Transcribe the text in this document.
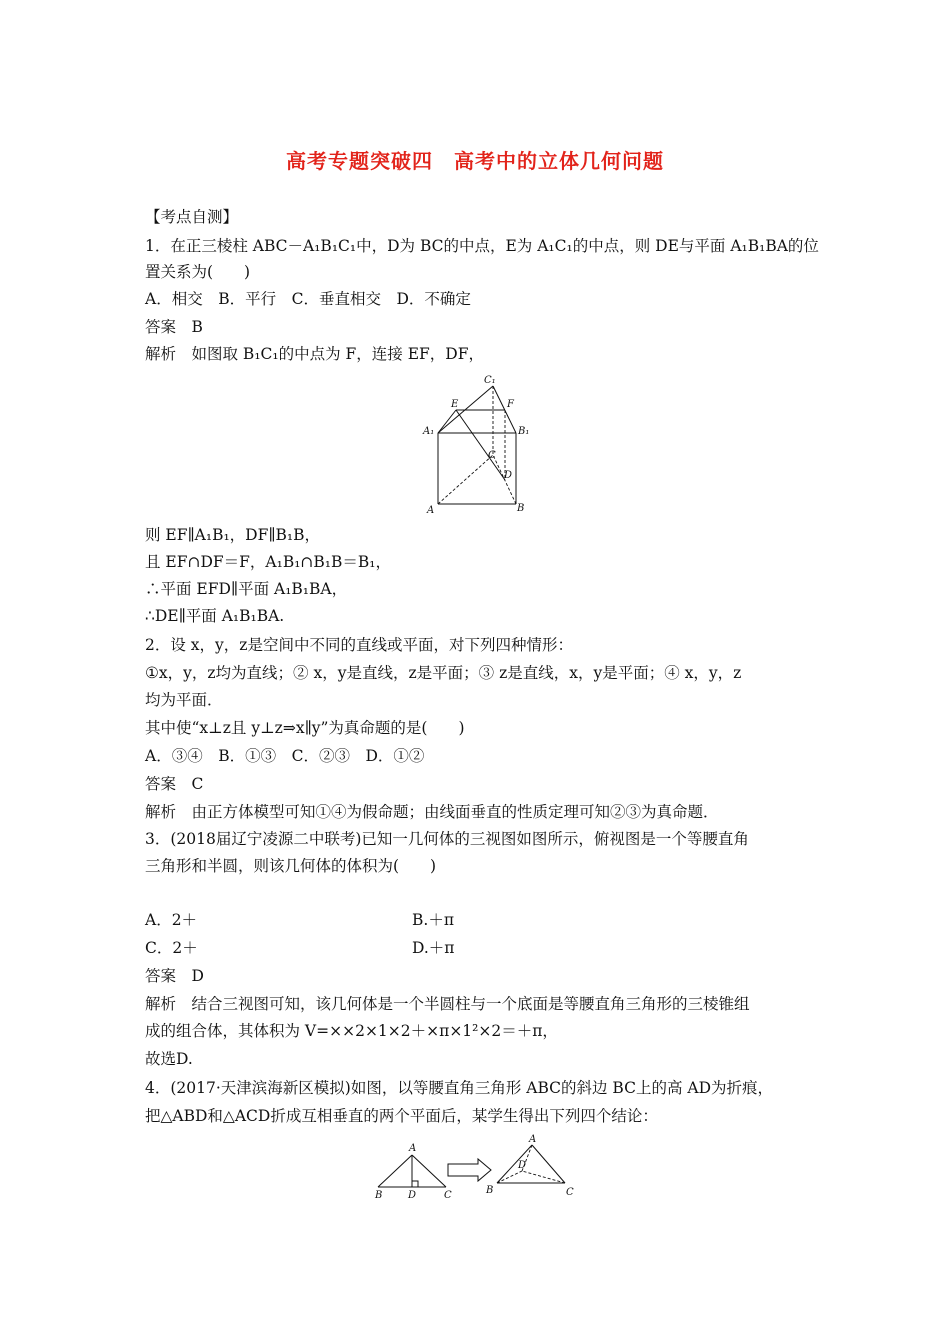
高考专题突破四　高考中的立体几何问题
【考点自测】
1．在正三棱柱 ABC－A₁B₁C₁中，D为 BC的中点，E为 A₁C₁的中点，则 DE与平面 A₁B₁BA的位
置关系为(　　)
A．相交　B．平行　C．垂直相交　D．不确定
答案　B
解析　如图取 B₁C₁的中点为 F，连接 EF，DF，
C₁
E	F
A₁	B₁
C
D
A	B
则 EF∥A₁B₁，DF∥B₁B，
且 EF∩DF＝F，A₁B₁∩B₁B＝B₁，
∴平面 EFD∥平面 A₁B₁BA，
∴DE∥平面 A₁B₁BA.
2．设 x，y，z是空间中不同的直线或平面，对下列四种情形：
①x，y，z均为直线；② x，y是直线，z是平面；③ z是直线，x，y是平面；④ x，y，z
均为平面．
其中使“x⊥z且 y⊥z⇒x∥y”为真命题的是(　　)
A．③④　B．①③　C．②③　D．①②
答案　C
解析　由正方体模型可知①④为假命题；由线面垂直的性质定理可知②③为真命题．
3．(2018届辽宁凌源二中联考)已知一几何体的三视图如图所示，俯视图是一个等腰直角
三角形和半圆，则该几何体的体积为(　　)
A．2＋	B.＋π
C．2＋	D.＋π
答案　D
解析　结合三视图可知，该几何体是一个半圆柱与一个底面是等腰直角三角形的三棱锥组
成的组合体，其体积为 V=××2×1×2＋×π×1²×2＝＋π，
故选D.
4．(2017·天津滨海新区模拟)如图，以等腰直角三角形 ABC的斜边 BC上的高 AD为折痕，
把△ABD和△ACD折成互相垂直的两个平面后，某学生得出下列四个结论：
A
B	D	C
A
D
B	C
